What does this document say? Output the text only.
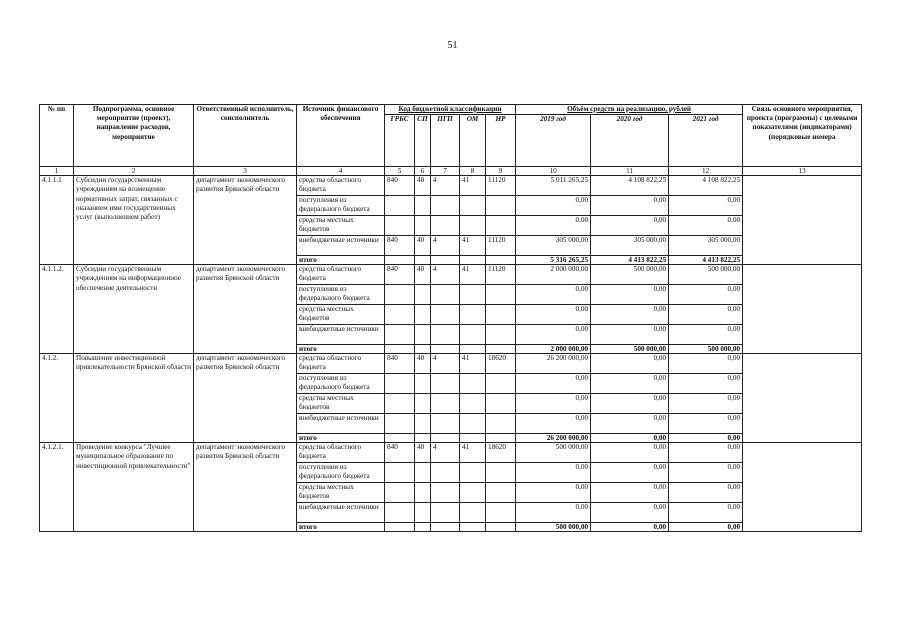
51
№ пп	Подпрограмма, основное мероприятие (проект), направление расходов, мероприятие	Ответственный исполнитель, соисполнитель	Источник финансового обеспечения	Код бюджетной классификации					Объём средств на реализацию, рублей			Связь основного мероприятия, проекта (программы) с целевыми показателями (индикаторами) (порядковые номера
				ГРБС	СП	ПГП	ОМ	НР	2019 год	2020 год	2021 год	
1	2	3	4	5	6	7	8	9	10	11	12	13
4.1.1.1	Субсидии государственным учреждениям на возмещение нормативных затрат, связанных с оказанием ими государственных услуг (выполнением работ)	департамент экономического развития Брянской области	средства областного бюджета	840	40	4	41	11120	5 011 265,25	4 108 822,25	4 108 822,25	
			поступления из федерального бюджета						0,00	0,00	0,00	
			средства местных бюджетов						0,00	0,00	0,00	
			внебюджетные источники	840	40	4	41	11120	305 000,00	305 000,00	305 000,00	
			итого						5 316 265,25	4 413 822,25	4 413 822,25	
4.1.1.2.	Субсидии государственным учреждениям на информационное обеспечение деятельности	департамент экономического развития Брянской области	средства областного бюджета	840	40	4	41	11120	2 000 000,00	500 000,00	500 000,00	
			поступления из федерального бюджета						0,00	0,00	0,00	
			средства местных бюджетов						0,00	0,00	0,00	
			внебюджетные источники						0,00	0,00	0,00	
			итого						2 000 000,00	500 000,00	500 000,00	
4.1.2.	Повышение инвестиционной привлекательности Брянской области	департамент экономического развития Брянской области	средства областного бюджета	840	40	4	41	18620	26 200 000,00	0,00	0,00	
			поступления из федерального бюджета						0,00	0,00	0,00	
			средства местных бюджетов						0,00	0,00	0,00	
			внебюджетные источники						0,00	0,00	0,00	
			итого						26 200 000,00	0,00	0,00	
4.1.2.1.	Проведение конкурса "Лучшее муниципальное образование по инвестиционной привлекательности"	департамент экономического развития Брянской области	средства областного бюджета	840	40	4	41	18620	500 000,00	0,00	0,00	
			поступления из федерального бюджета						0,00	0,00	0,00	
			средства местных бюджетов						0,00	0,00	0,00	
			внебюджетные источники						0,00	0,00	0,00	
			итого						500 000,00	0,00	0,00	
